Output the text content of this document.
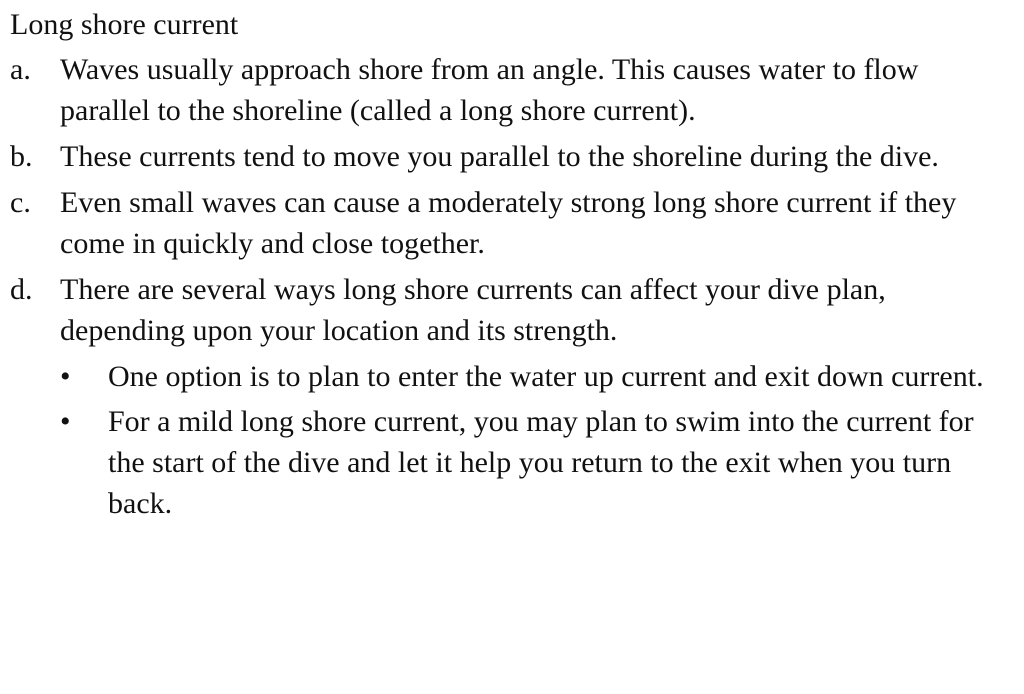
Long shore current
a. Waves usually approach shore from an angle. This causes water to flow parallel to the shoreline (called a long shore current).
b. These currents tend to move you parallel to the shoreline during the dive.
c. Even small waves can cause a moderately strong long shore current if they come in quickly and close together.
d. There are several ways long shore currents can affect your dive plan, depending upon your location and its strength.
•	One option is to plan to enter the water up current and exit down current.
•	For a mild long shore current, you may plan to swim into the current for the start of the dive and let it help you return to the exit when you turn back.
